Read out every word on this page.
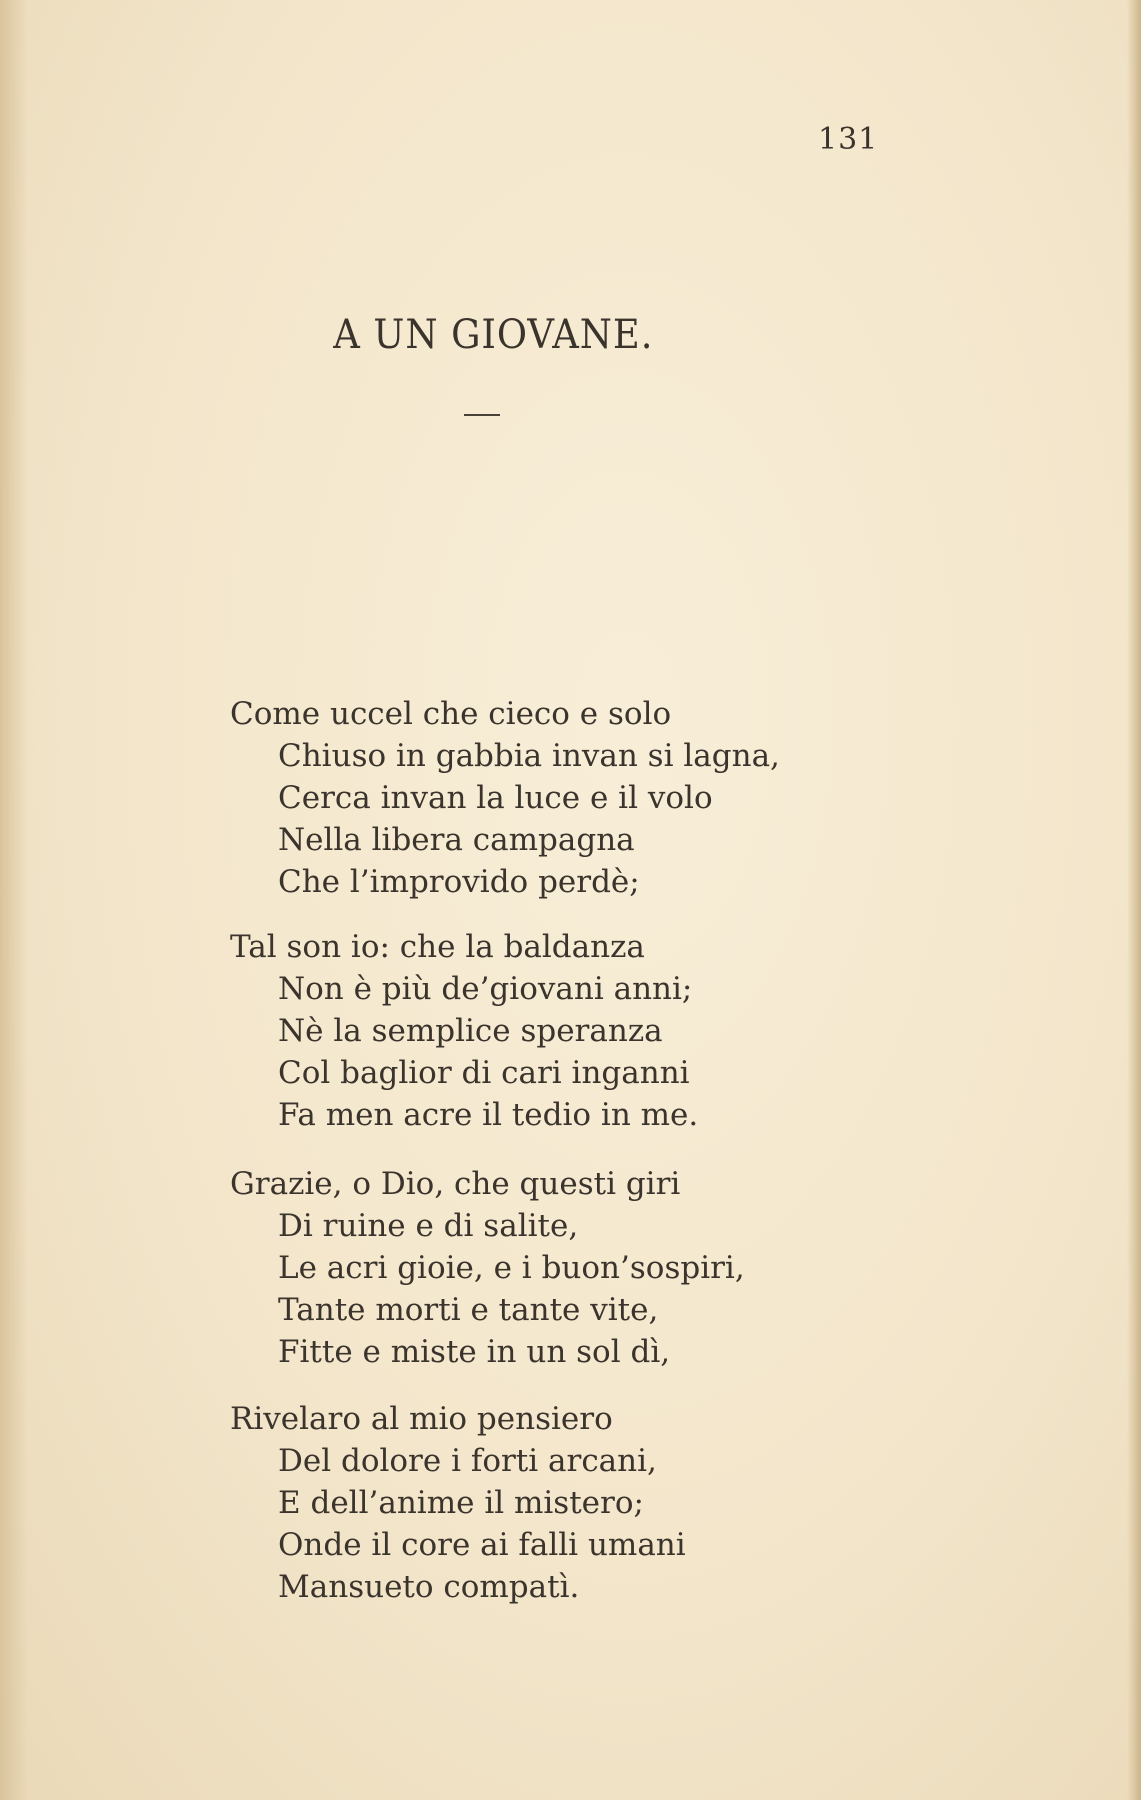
131
A UN GIOVANE.
Come uccel che cieco e solo
Chiuso in gabbia invan si lagna,
Cerca invan la luce e il volo
Nella libera campagna
Che l’improvido perdè;
Tal son io: che la baldanza
Non è più de’giovani anni;
Nè la semplice speranza
Col baglior di cari inganni
Fa men acre il tedio in me.
Grazie, o Dio, che questi giri
Di ruine e di salite,
Le acri gioie, e i buon’sospiri,
Tante morti e tante vite,
Fitte e miste in un sol dì,
Rivelaro al mio pensiero
Del dolore i forti arcani,
E dell’anime il mistero;
Onde il core ai falli umani
Mansueto compatì.
